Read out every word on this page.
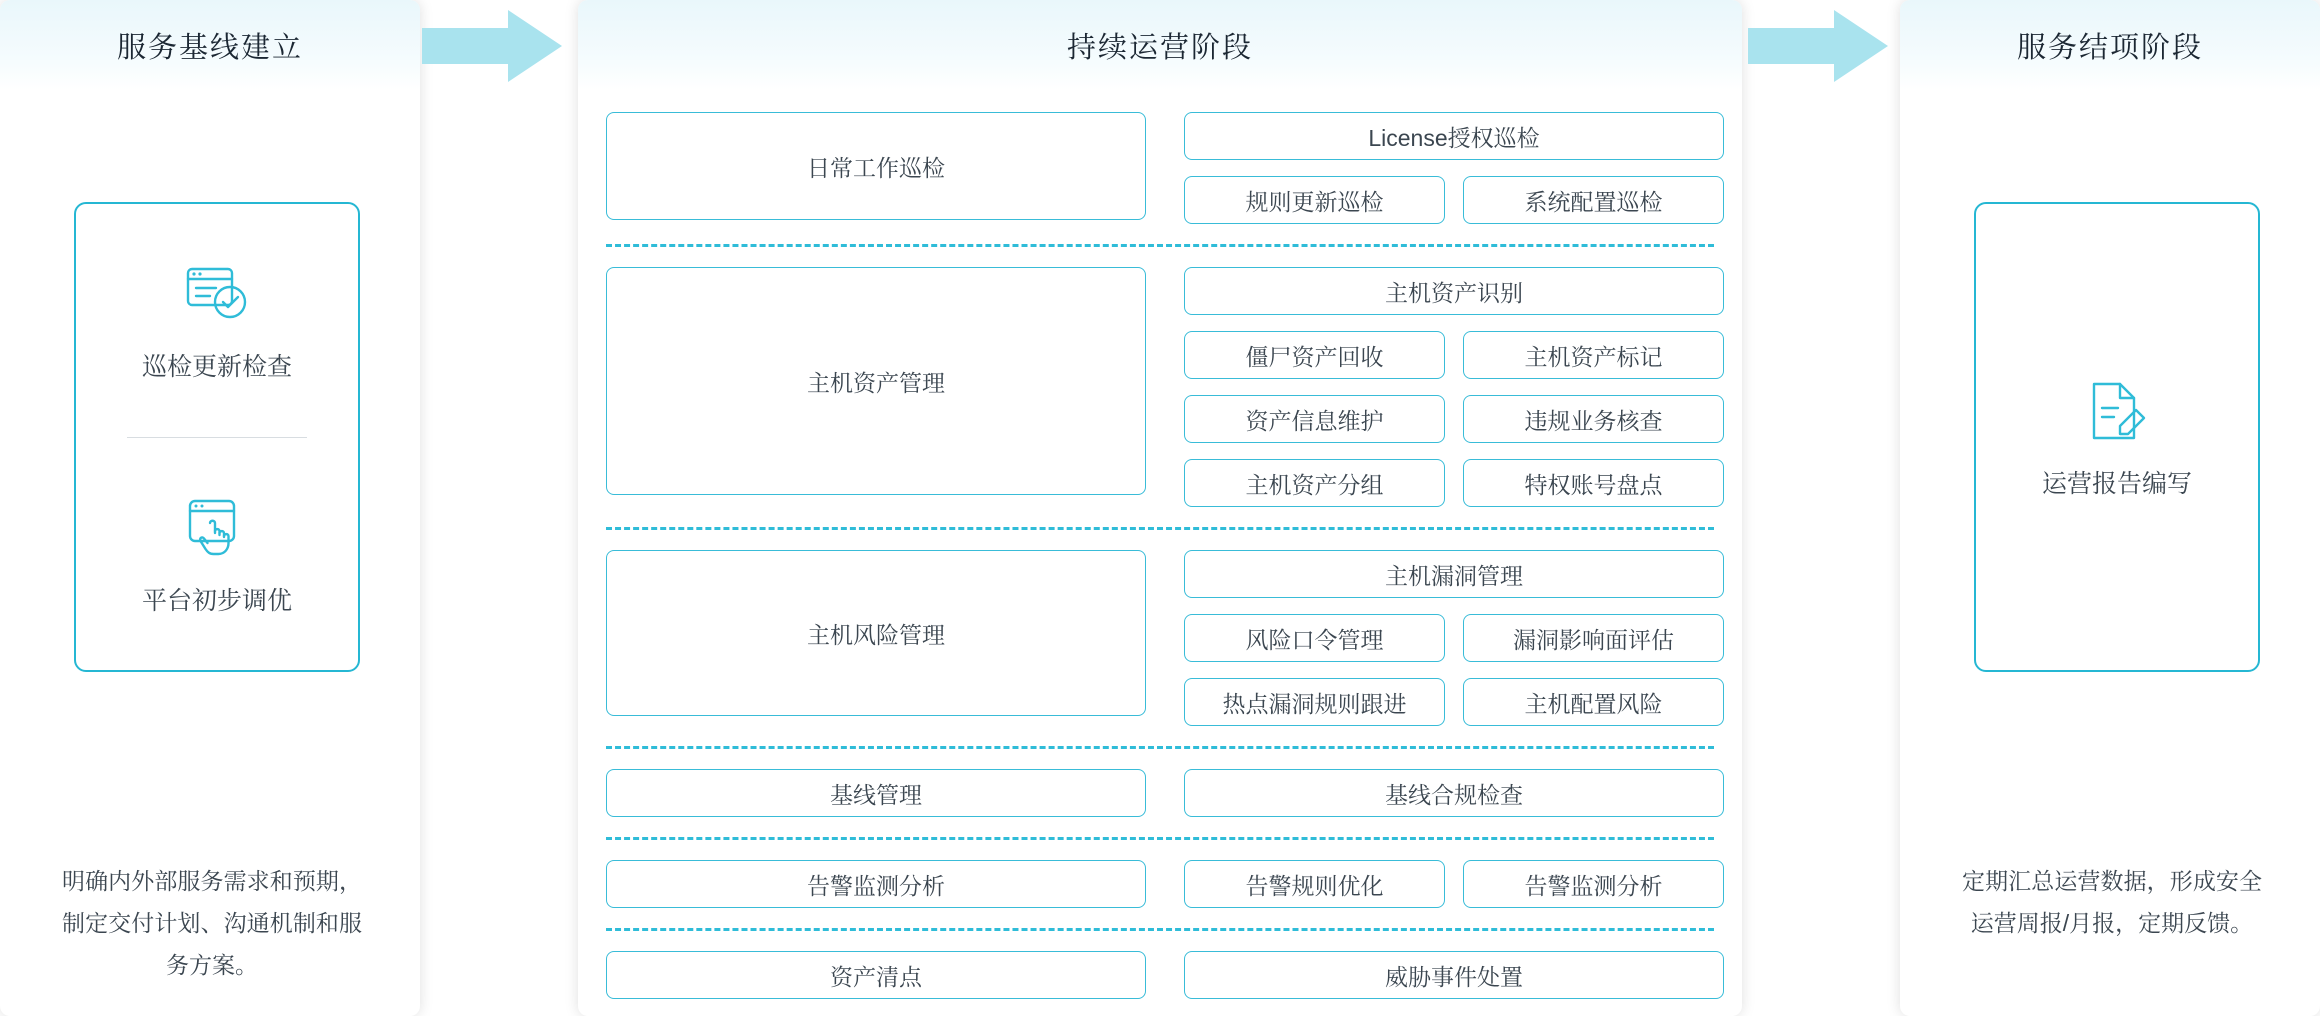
服务基线建立
巡检更新检查
平台初步调优
明确内外部服务需求和预期，制定交付计划、沟通机制和服务方案。
持续运营阶段
日常工作巡检
License授权巡检
规则更新巡检	系统配置巡检
主机资产管理
主机资产识别
僵尸资产回收	主机资产标记
资产信息维护	违规业务核查
主机资产分组	特权账号盘点
主机风险管理
主机漏洞管理
风险口令管理	漏洞影响面评估
热点漏洞规则跟进	主机配置风险
基线管理	基线合规检查
告警监测分析	告警规则优化	告警监测分析
资产清点	威胁事件处置
服务结项阶段
运营报告编写
定期汇总运营数据，形成安全运营周报/月报，定期反馈。
